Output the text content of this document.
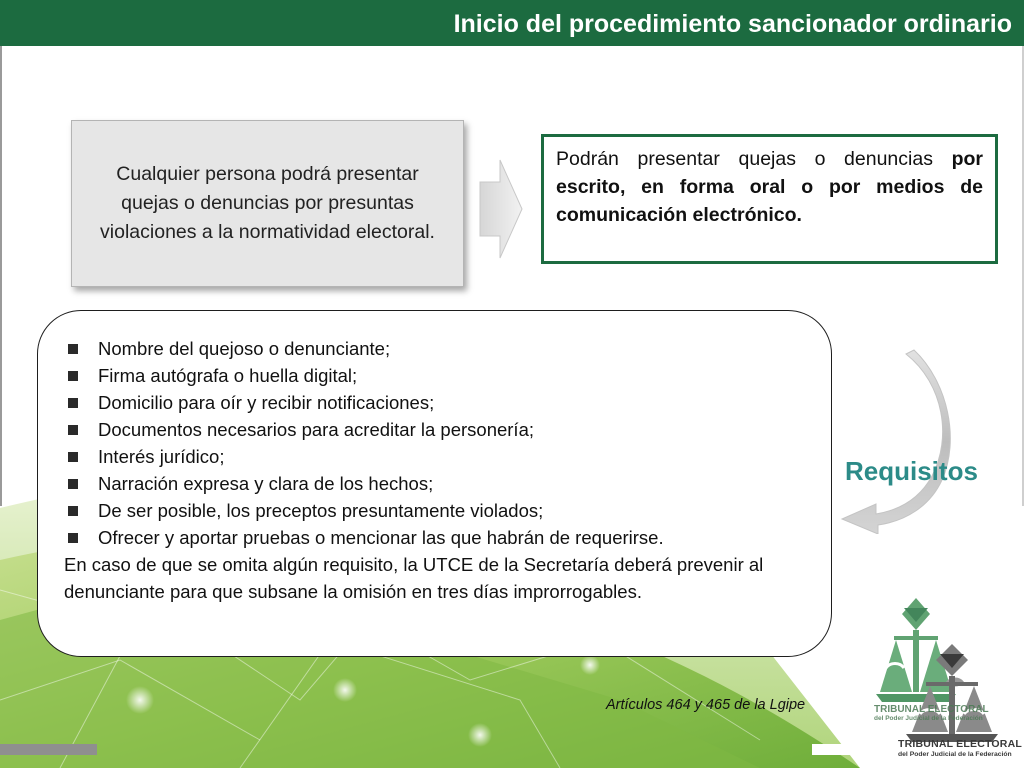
Inicio del procedimiento sancionador ordinario
Cualquier persona podrá presentar quejas o denuncias por presuntas violaciones a la normatividad electoral.

Podrán presentar quejas o denuncias por escrito, en forma oral o por medios de comunicación electrónico.

Nombre del quejoso o denunciante;
Firma autógrafa o huella digital;
Domicilio para oír y recibir notificaciones;
Documentos necesarios para acreditar la personería;
Interés jurídico;
Narración expresa y clara de los hechos;
De ser posible, los preceptos presuntamente violados;
Ofrecer y aportar pruebas o mencionar las que habrán de requerirse.

En caso de que se omita algún requisito, la UTCE de la Secretaría deberá prevenir al denunciante para que subsane la omisión en tres días improrrogables.

Requisitos
Artículos 464 y 465 de la Lgipe	TRIBUNAL ELECTORAL
del Poder Judicial de la Federación
TRIBUNAL ELECTORAL
del Poder Judicial de la Federación
